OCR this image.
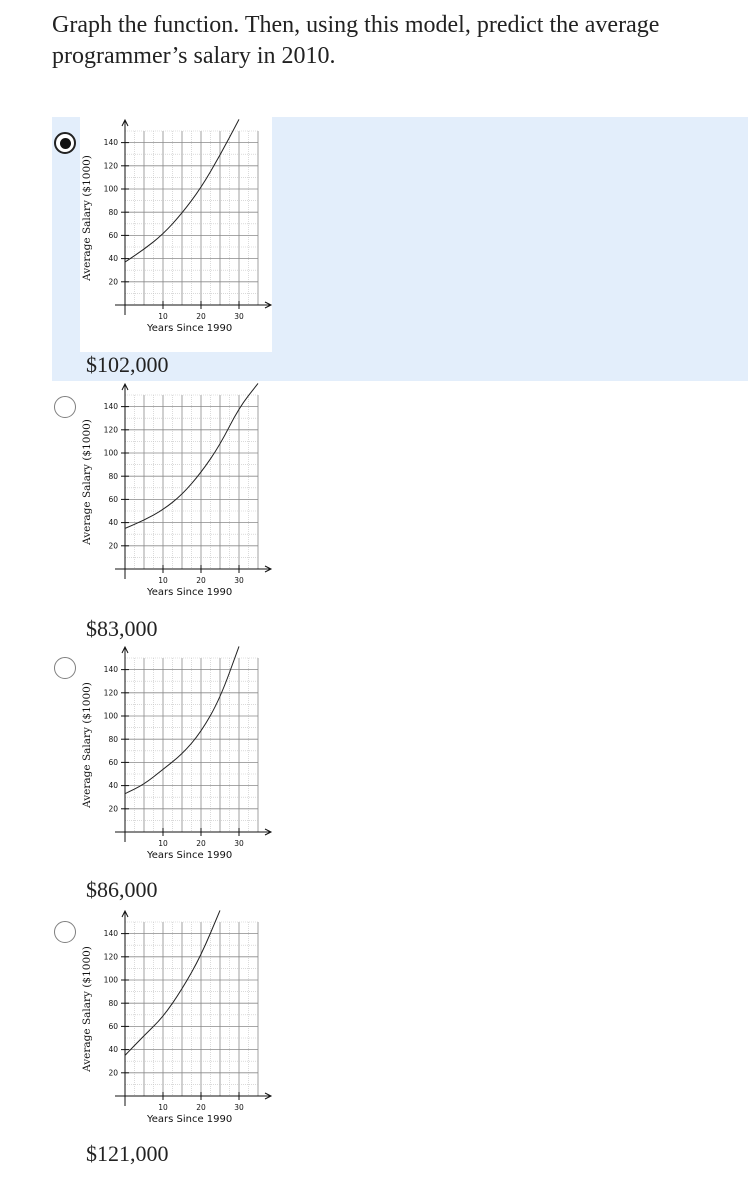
Graph the function. Then, using this model, predict the average programmer’s salary in 2010.
20
40
60
80
100
120
140
10	20	30
Years Since 1990
Average Salary ($1000)
$102,000
20
40
60
80
100
120
140
10	20	30
Years Since 1990
Average Salary ($1000)
$83,000
20
40
60
80
100
120
140
10	20	30
Years Since 1990
Average Salary ($1000)
$86,000
20
40
60
80
100
120
140
10	20	30
Years Since 1990
Average Salary ($1000)
$121,000
